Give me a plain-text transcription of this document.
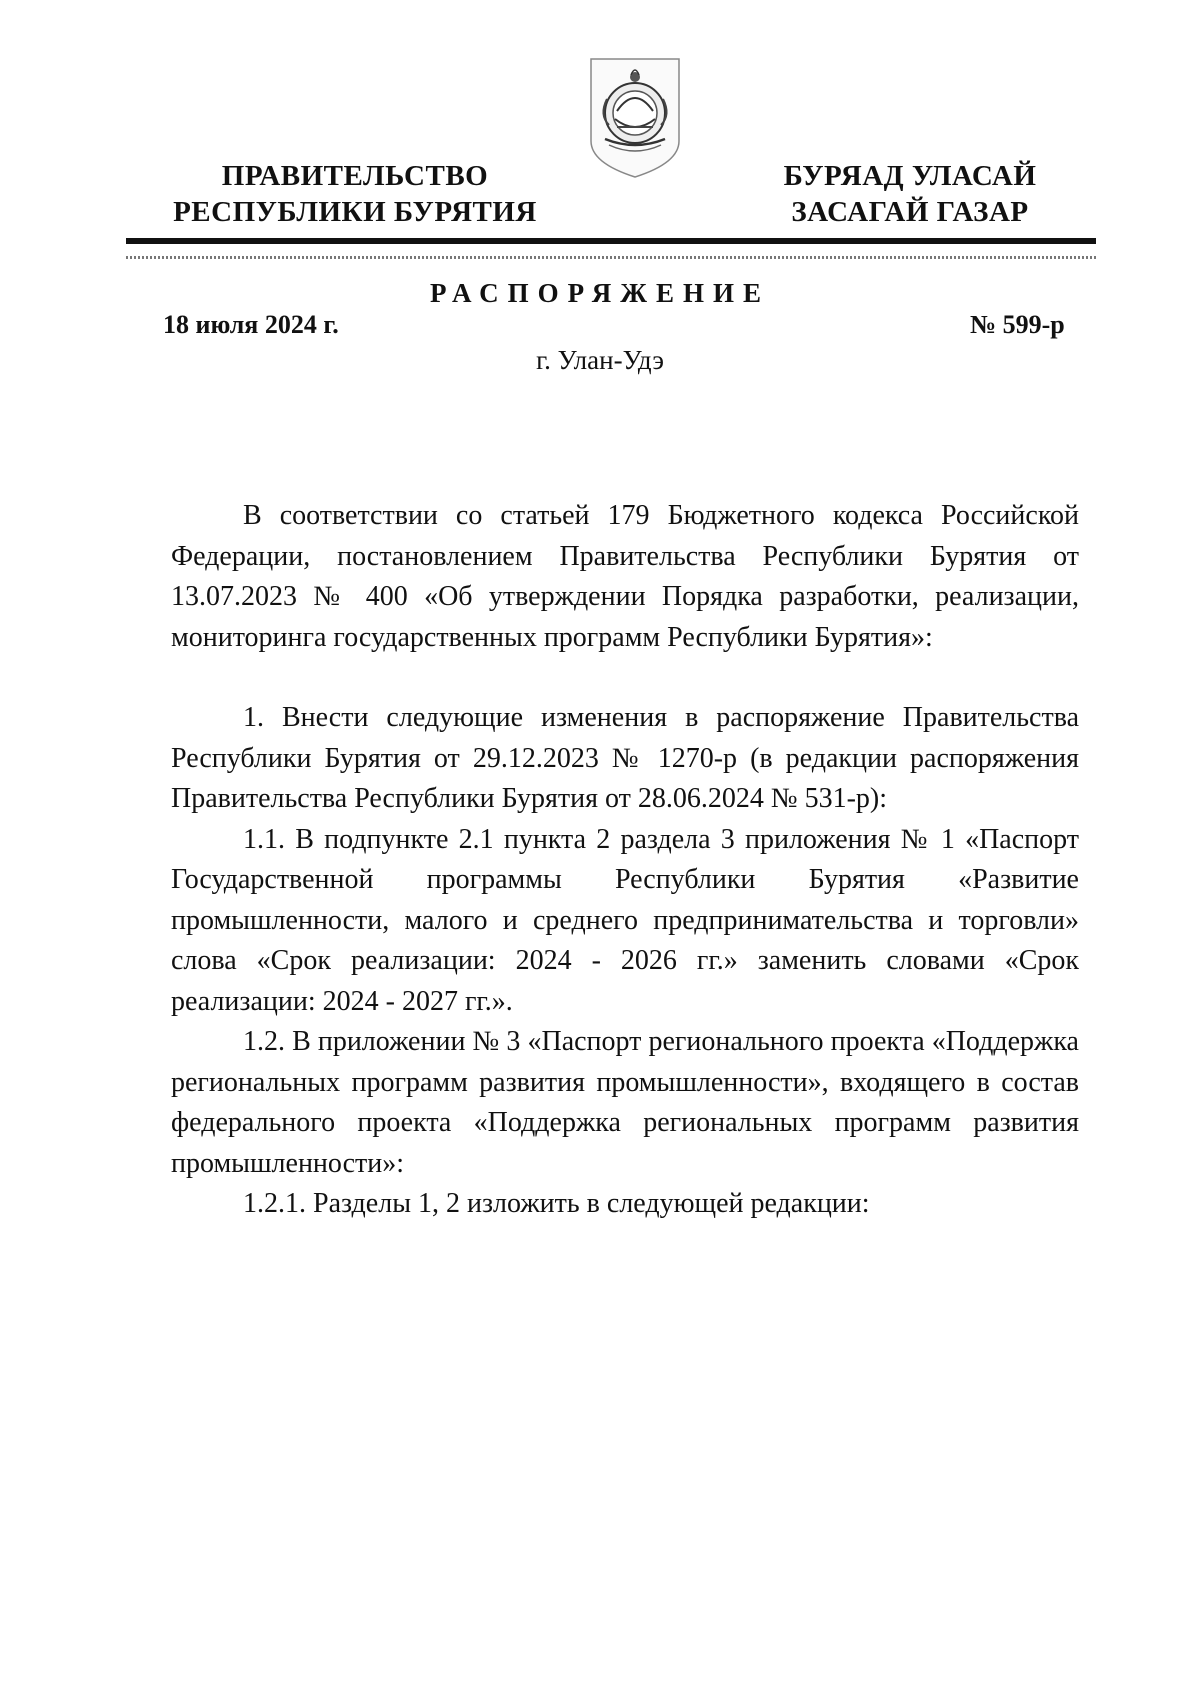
ПРАВИТЕЛЬСТВО
РЕСПУБЛИКИ БУРЯТИЯ
БУРЯАД УЛАСАЙ
ЗАСАГАЙ ГАЗАР
РАСПОРЯЖЕНИЕ
18 июля 2024 г.	№ 599-р
г. Улан-Удэ

В соответствии со статьей 179 Бюджетного кодекса Российской Федерации, постановлением Правительства Республики Бурятия от 13.07.2023 № 400 «Об утверждении Порядка разработки, реализации, мониторинга государственных программ Республики Бурятия»:

1. Внести следующие изменения в распоряжение Правительства Республики Бурятия от 29.12.2023 № 1270-р (в редакции распоряжения Правительства Республики Бурятия от 28.06.2024 № 531-р):

1.1. В подпункте 2.1 пункта 2 раздела 3 приложения № 1 «Паспорт Государственной программы Республики Бурятия «Развитие промышленности, малого и среднего предпринимательства и торговли» слова «Срок реализации: 2024 - 2026 гг.» заменить словами «Срок реализации: 2024 - 2027 гг.».

1.2. В приложении № 3 «Паспорт регионального проекта «Поддержка региональных программ развития промышленности», входящего в состав федерального проекта «Поддержка региональных программ развития промышленности»:

1.2.1. Разделы 1, 2 изложить в следующей редакции:
